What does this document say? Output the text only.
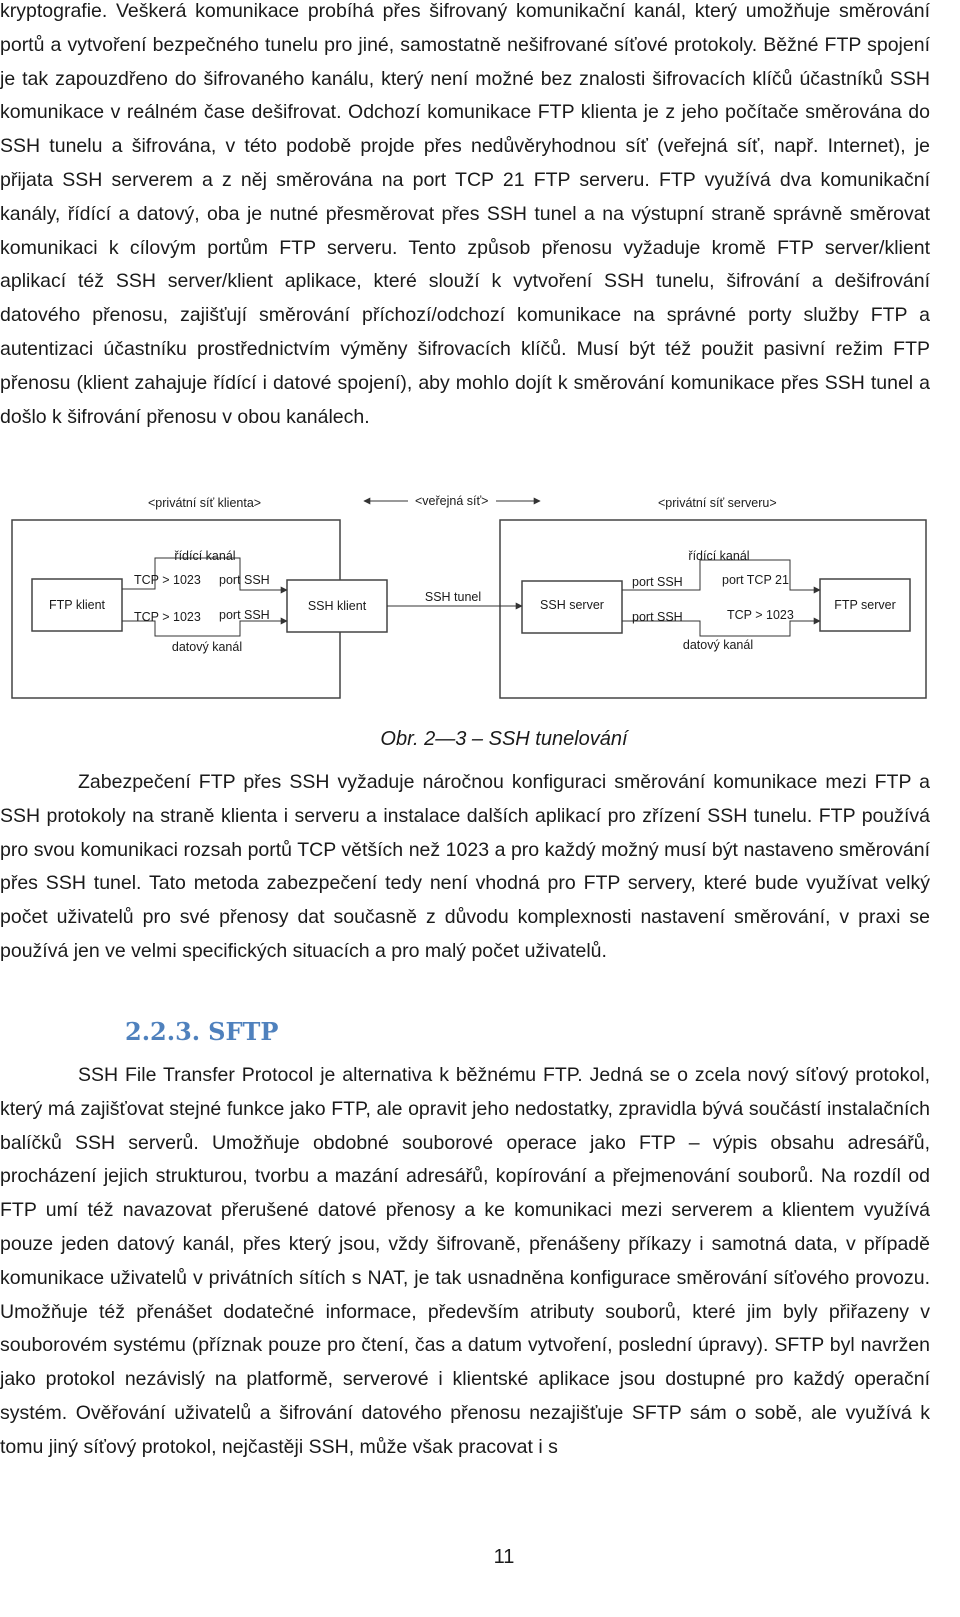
kryptografie. Veškerá komunikace probíhá přes šifrovaný komunikační kanál, který umožňuje směrování portů a vytvoření bezpečného tunelu pro jiné, samostatně nešifrované síťové protokoly. Běžné FTP spojení je tak zapouzdřeno do šifrovaného kanálu, který není možné bez znalosti šifrovacích klíčů účastníků SSH komunikace v reálném čase dešifrovat. Odchozí komunikace FTP klienta je z jeho počítače směrována do SSH tunelu a šifrována, v této podobě projde přes nedůvěryhodnou síť (veřejná síť, např. Internet), je přijata SSH serverem a z něj směrována na port TCP 21 FTP serveru. FTP využívá dva komunikační kanály, řídící a datový, oba je nutné přesměrovat přes SSH tunel a na výstupní straně správně směrovat komunikaci k cílovým portům FTP serveru. Tento způsob přenosu vyžaduje kromě FTP server/klient aplikací též SSH server/klient aplikace, které slouží k vytvoření SSH tunelu, šifrování a dešifrování datového přenosu, zajišťují směrování příchozí/odchozí komunikace na správné porty služby FTP a autentizaci účastníku prostřednictvím výměny šifrovacích klíčů. Musí být též použit pasivní režim FTP přenosu (klient zahajuje řídící i datové spojení), aby mohlo dojít k směrování komunikace přes SSH tunel a došlo k šifrování přenosu v obou kanálech.

<privátní síť klienta>	<veřejná síť>	<privátní síť serveru>
FTP klient	SSH klient	SSH server	FTP server
řídící kanál
TCP > 1023 port SSH
TCP > 1023 port SSH
datový kanál
SSH tunel
řídící kanál
port SSH	port TCP 21
port SSH	TCP > 1023
datový kanál

Obr. 2—3 – SSH tunelování

Zabezpečení FTP přes SSH vyžaduje náročnou konfiguraci směrování komunikace mezi FTP a SSH protokoly na straně klienta i serveru a instalace dalších aplikací pro zřízení SSH tunelu. FTP používá pro svou komunikaci rozsah portů TCP větších než 1023 a pro každý možný musí být nastaveno směrování přes SSH tunel. Tato metoda zabezpečení tedy není vhodná pro FTP servery, které bude využívat velký počet uživatelů pro své přenosy dat současně z důvodu komplexnosti nastavení směrování, v praxi se používá jen ve velmi specifických situacích a pro malý počet uživatelů.

2.2.3. SFTP

SSH File Transfer Protocol je alternativa k běžnému FTP. Jedná se o zcela nový síťový protokol, který má zajišťovat stejné funkce jako FTP, ale opravit jeho nedostatky, zpravidla bývá součástí instalačních balíčků SSH serverů. Umožňuje obdobné souborové operace jako FTP – výpis obsahu adresářů, procházení jejich strukturou, tvorbu a mazání adresářů, kopírování a přejmenování souborů. Na rozdíl od FTP umí též navazovat přerušené datové přenosy a ke komunikaci mezi serverem a klientem využívá pouze jeden datový kanál, přes který jsou, vždy šifrovaně, přenášeny příkazy i samotná data, v případě komunikace uživatelů v privátních sítích s NAT, je tak usnadněna konfigurace směrování síťového provozu. Umožňuje též přenášet dodatečné informace, především atributy souborů, které jim byly přiřazeny v souborovém systému (příznak pouze pro čtení, čas a datum vytvoření, poslední úpravy). SFTP byl navržen jako protokol nezávislý na platformě, serverové i klientské aplikace jsou dostupné pro každý operační systém. Ověřování uživatelů a šifrování datového přenosu nezajišťuje SFTP sám o sobě, ale využívá k tomu jiný síťový protokol, nejčastěji SSH, může však pracovat i s

11
